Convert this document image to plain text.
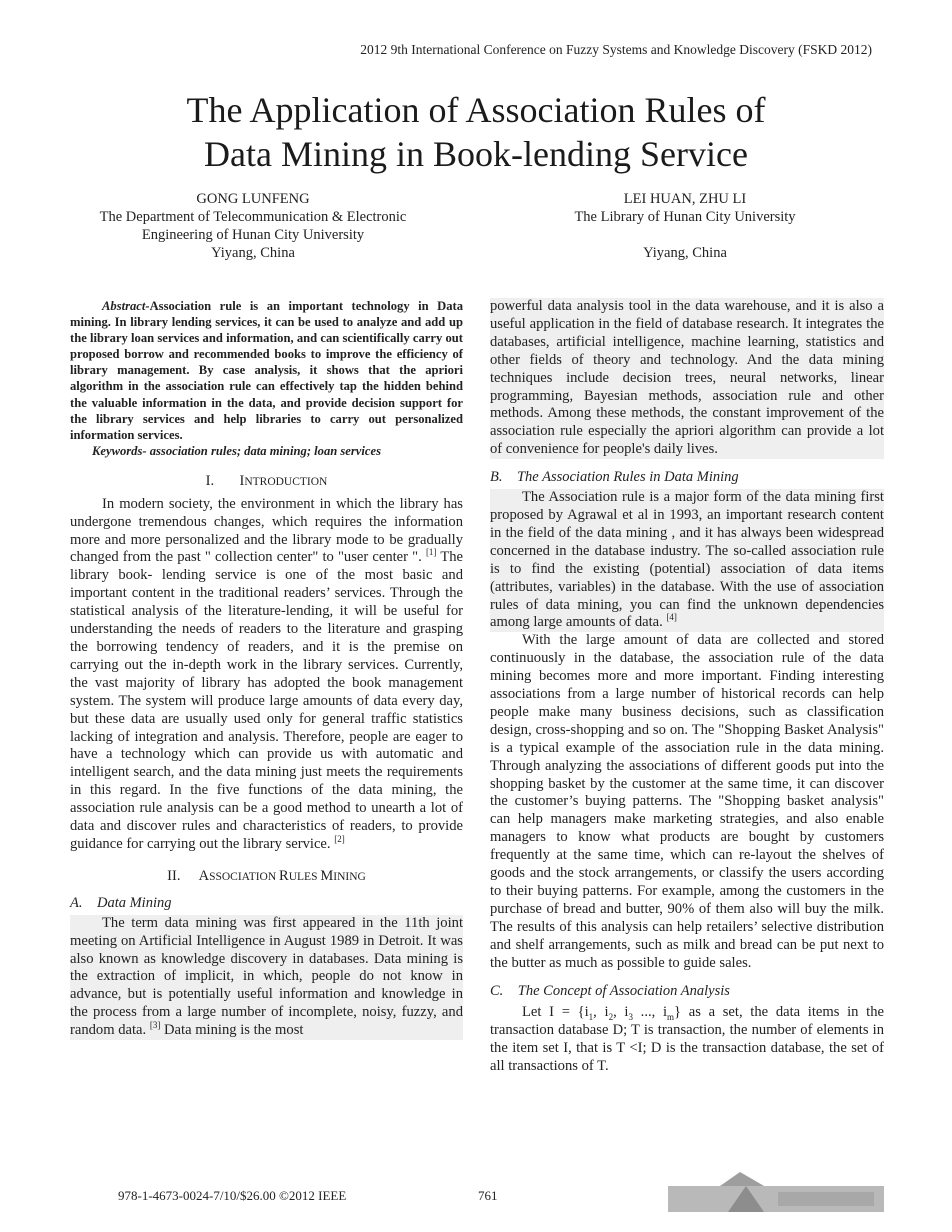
2012 9th International Conference on Fuzzy Systems and Knowledge Discovery (FSKD 2012)
The Application of Association Rules of
Data Mining in Book-lending Service
GONG LUNFENG
The Department of Telecommunication & Electronic
Engineering of Hunan City University
Yiyang, China
LEI HUAN, ZHU LI
The Library of Hunan City University
Yiyang, China

Abstract-Association rule is an important technology in Data mining. In library lending services, it can be used to analyze and add up the library loan services and information, and can scientifically carry out proposed borrow and recommended books to improve the efficiency of library management. By case analysis, it shows that the apriori algorithm in the association rule can effectively tap the hidden behind the valuable information in the data, and provide decision support for the library services and help libraries to carry out personalized information services.

Keywords- association rules; data mining; loan services

I. INTRODUCTION

In modern society, the environment in which the library has undergone tremendous changes, which requires the information more and more personalized and the library mode to be gradually changed from the past " collection center" to "user center ". [1] The library book- lending service is one of the most basic and important content in the traditional readers’ services. Through the statistical analysis of the literature-lending, it will be useful for understanding the needs of readers to the literature and grasping the borrowing tendency of readers, and it is the premise on carrying out the in-depth work in the library services. Currently, the vast majority of library has adopted the book management system. The system will produce large amounts of data every day, but these data are usually used only for general traffic statistics lacking of integration and analysis. Therefore, people are eager to have a technology which can provide us with automatic and intelligent search, and the data mining just meets the requirements in this regard. In the five functions of the data mining, the association rule analysis can be a good method to unearth a lot of data and discover rules and characteristics of readers, to provide guidance for carrying out the library service. [2]

II. ASSOCIATION RULES MINING
A.    Data Mining

The term data mining was first appeared in the 11th joint meeting on Artificial Intelligence in August 1989 in Detroit. It was also known as knowledge discovery in databases. Data mining is the extraction of implicit, in which, people do not know in advance, but is potentially useful information and knowledge in the process from a large number of incomplete, noisy, fuzzy, and random data. [3] Data mining is the most

powerful data analysis tool in the data warehouse, and it is also a useful application in the field of database research. It integrates the databases, artificial intelligence, machine learning, statistics and other fields of theory and technology. And the data mining techniques include decision trees, neural networks, linear programming, Bayesian methods, association rule and other methods. Among these methods, the constant improvement of the association rule especially the apriori algorithm can provide a lot of convenience for people's daily lives.

B.    The Association Rules in Data Mining

The Association rule is a major form of the data mining first proposed by Agrawal et al in 1993, an important research content in the field of the data mining , and it has always been widespread concerned in the database industry. The so-called association rule is to find the existing (potential) association of data items (attributes, variables) in the database. With the use of association rules of data mining, you can find the unknown dependencies among large amounts of data. [4]

With the large amount of data are collected and stored continuously in the database, the association rule of the data mining becomes more and more important. Finding interesting associations from a large number of historical records can help people make many business decisions, such as classification design, cross-shopping and so on. The "Shopping Basket Analysis" is a typical example of the association rule in the data mining. Through analyzing the associations of different goods put into the shopping basket by the customer at the same time, it can discover the customer’s buying patterns. The "Shopping basket analysis" can help managers make marketing strategies, and also enable managers to know what products are bought by customers frequently at the same time, which can re-layout the shelves of goods and the stock arrangements, or classify the users according to their buying patterns. For example, among the customers in the purchase of bread and butter, 90% of them also will buy the milk. The results of this analysis can help retailers’ selective distribution and shelf arrangements, such as milk and bread can be put next to the butter as much as possible to guide sales.

C.    The Concept of Association Analysis

Let $I = \{i_1$, $i_2$, $i_3$ ..., $i_m$} as a set, the data items in the transaction database D; T is transaction, the number of elements in the item set I, that is T <I; D is the transaction database, the set of all transactions of T.

978-1-4673-0024-7/10/$26.00 ©2012 IEEE	761
